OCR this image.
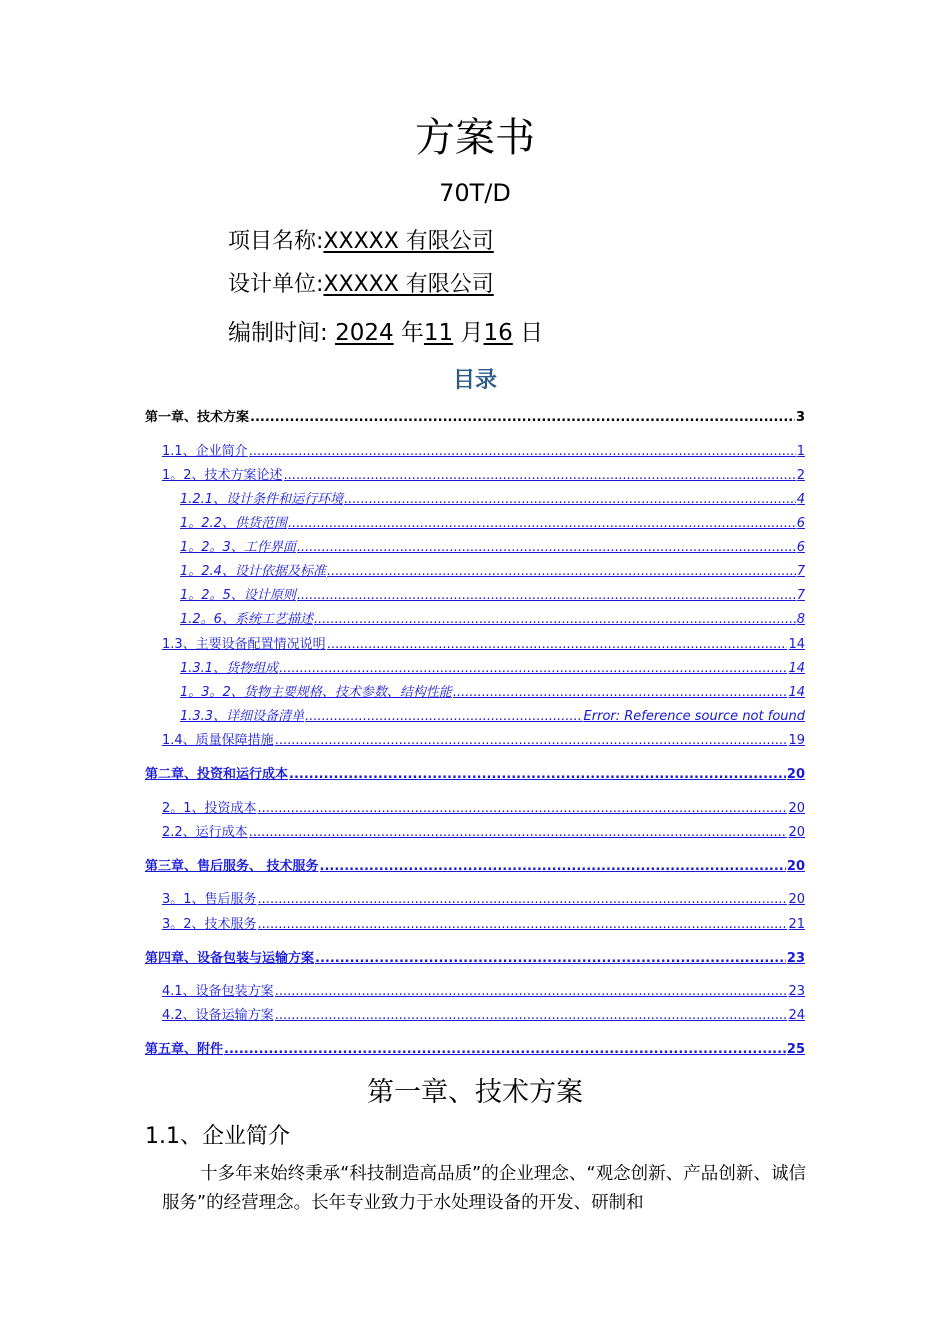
方案书
70T/D
项目名称:XXXXX 有限公司
设计单位:XXXXX 有限公司
编制时间: 2024 年11 月16 日
目录
第一章、技术方案 .....	3
1.1、企业简介 .....	1
1。2、技术方案论述 .....	2
1.2.1、设计条件和运行环境 .....	4
1。2.2、供货范围 .....	6
1。2。3、工作界面 .....	6
1。2.4、设计依据及标准 .....	7
1。2。5、设计原则 .....	7
1.2。6、系统工艺描述 .....	8
1.3、主要设备配置情况说明 .....	14
1.3.1、货物组成 .....	14
1。3。2、货物主要规格、技术参数、结构性能 .....	14
1.3.3、详细设备清单 .....	Error: Reference source not found
1.4、质量保障措施 .....	19
第二章、投资和运行成本 .....	20
2。1、投资成本 .....	20
2.2、运行成本 .....	20
第三章、售后服务、 技术服务 .....	20
3。1、售后服务 .....	20
3。2、技术服务 .....	21
第四章、设备包装与运输方案 .....	23
4.1、设备包装方案 .....	23
4.2、设备运输方案 .....	24
第五章、附件 .....	25
第一章、技术方案
1.1、企业简介
十多年来始终秉承“科技制造高品质”的企业理念、“观念创新、产品创新、诚信服务”的经营理念。长年专业致力于水处理设备的开发、研制和
